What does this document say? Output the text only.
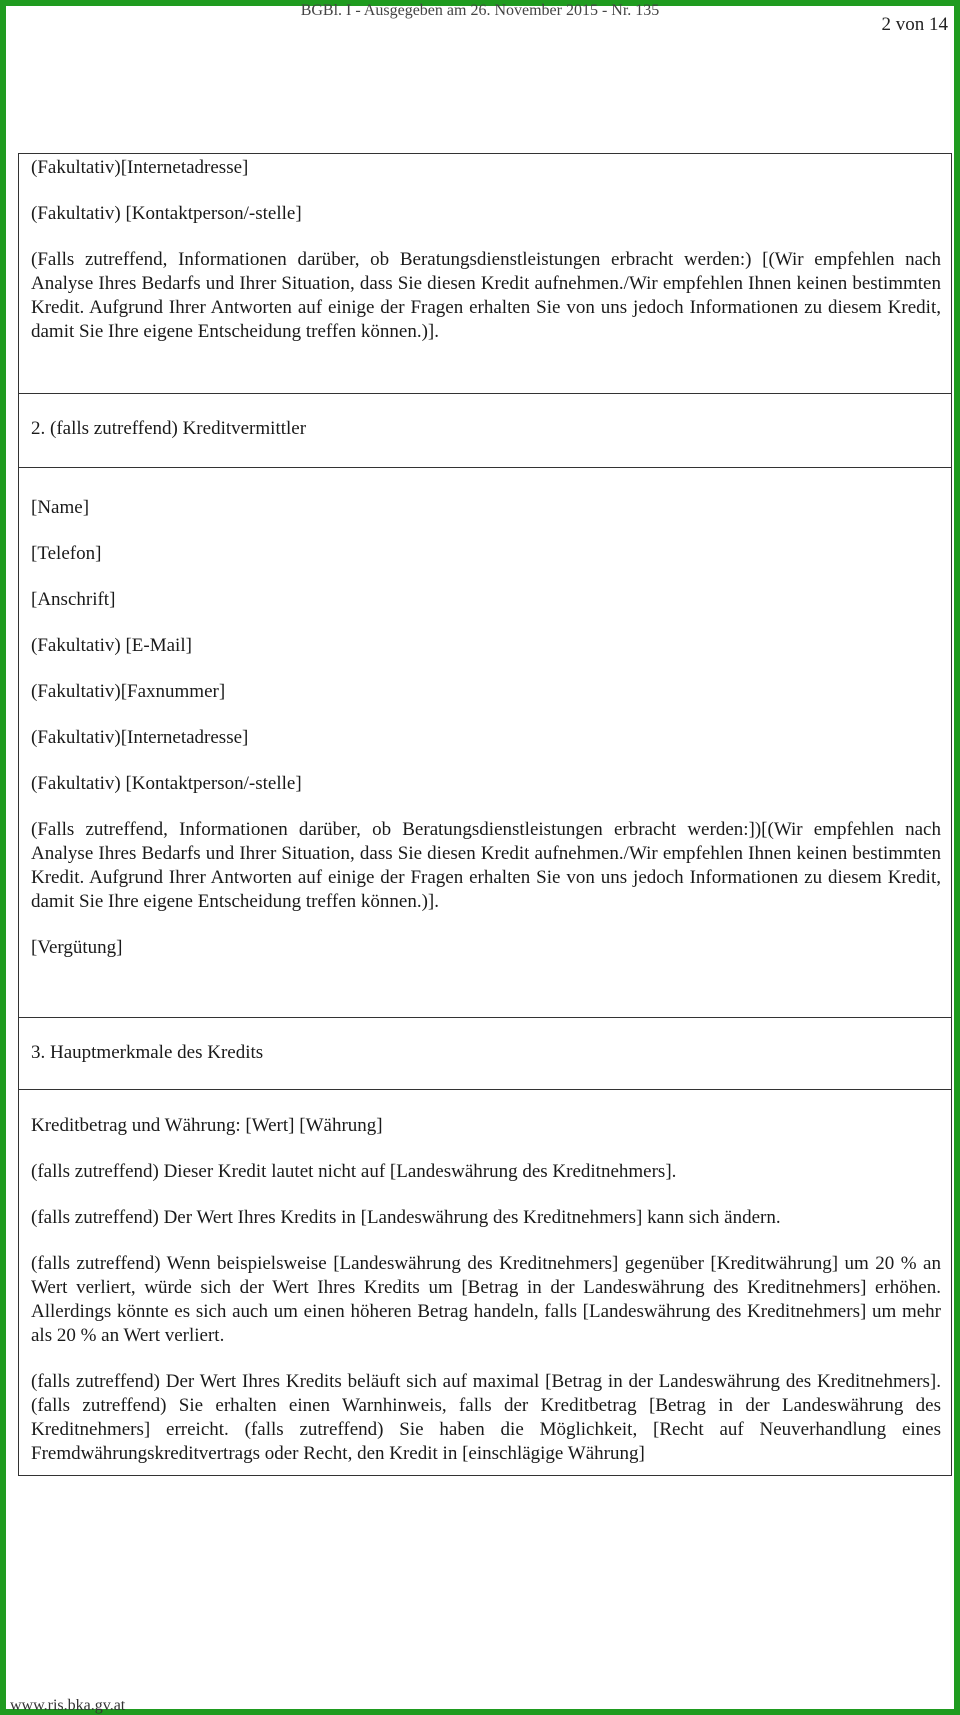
BGBl. I - Ausgegeben am 26. November 2015 - Nr. 135
2 von 14

(Fakultativ)[Internetadresse]

(Fakultativ) [Kontaktperson/-stelle]

(Falls zutreffend, Informationen darüber, ob Beratungsdienstleistungen erbracht werden:) [(Wir empfehlen nach Analyse Ihres Bedarfs und Ihrer Situation, dass Sie diesen Kredit aufnehmen./Wir empfehlen Ihnen keinen bestimmten Kredit. Aufgrund Ihrer Antworten auf einige der Fragen erhalten Sie von uns jedoch Informationen zu diesem Kredit, damit Sie Ihre eigene Entscheidung treffen können.)].

2. (falls zutreffend) Kreditvermittler

[Name]

[Telefon]

[Anschrift]

(Fakultativ) [E-Mail]

(Fakultativ)[Faxnummer]

(Fakultativ)[Internetadresse]

(Fakultativ) [Kontaktperson/-stelle]

(Falls zutreffend, Informationen darüber, ob Beratungsdienstleistungen erbracht werden:])[(Wir empfehlen nach Analyse Ihres Bedarfs und Ihrer Situation, dass Sie diesen Kredit aufnehmen./Wir empfehlen Ihnen keinen bestimmten Kredit. Aufgrund Ihrer Antworten auf einige der Fragen erhalten Sie von uns jedoch Informationen zu diesem Kredit, damit Sie Ihre eigene Entscheidung treffen können.)].

[Vergütung]

3. Hauptmerkmale des Kredits

Kreditbetrag und Währung: [Wert] [Währung]

(falls zutreffend) Dieser Kredit lautet nicht auf [Landeswährung des Kreditnehmers].

(falls zutreffend) Der Wert Ihres Kredits in [Landeswährung des Kreditnehmers] kann sich ändern.

(falls zutreffend) Wenn beispielsweise [Landeswährung des Kreditnehmers] gegenüber [Kreditwährung] um 20 % an Wert verliert, würde sich der Wert Ihres Kredits um [Betrag in der Landeswährung des Kreditnehmers] erhöhen. Allerdings könnte es sich auch um einen höheren Betrag handeln, falls [Landeswährung des Kreditnehmers] um mehr als 20 % an Wert verliert.

(falls zutreffend) Der Wert Ihres Kredits beläuft sich auf maximal [Betrag in der Landeswährung des Kreditnehmers]. (falls zutreffend) Sie erhalten einen Warnhinweis, falls der Kreditbetrag [Betrag in der Landeswährung des Kreditnehmers] erreicht. (falls zutreffend) Sie haben die Möglichkeit, [Recht auf Neuverhandlung eines Fremdwährungskreditvertrags oder Recht, den Kredit in [einschlägige Währung]

www.ris.bka.gv.at
